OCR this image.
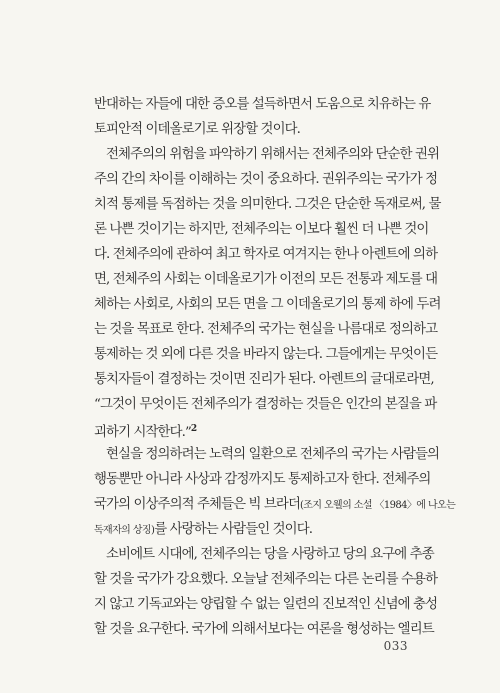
반대하는 자들에 대한 증오를 설득하면서 도움으로 치유하는 유
토피안적 이데올로기로 위장할 것이다.
전체주의의 위험을 파악하기 위해서는 전체주의와 단순한 권위
주의 간의 차이를 이해하는 것이 중요하다. 권위주의는 국가가 정
치적 통제를 독점하는 것을 의미한다. 그것은 단순한 독재로써, 물
론 나쁜 것이기는 하지만, 전체주의는 이보다 훨씬 더 나쁜 것이
다. 전체주의에 관하여 최고 학자로 여겨지는 한나 아렌트에 의하
면, 전체주의 사회는 이데올로기가 이전의 모든 전통과 제도를 대
체하는 사회로, 사회의 모든 면을 그 이데올로기의 통제 하에 두려
는 것을 목표로 한다. 전체주의 국가는 현실을 나름대로 정의하고
통제하는 것 외에 다른 것을 바라지 않는다. 그들에게는 무엇이든
통치자들이 결정하는 것이면 진리가 된다. 아렌트의 글대로라면,
“그것이 무엇이든 전체주의가 결정하는 것들은 인간의 본질을 파
괴하기 시작한다.”$^2$
현실을 정의하려는 노력의 일환으로 전체주의 국가는 사람들의
행동뿐만 아니라 사상과 감정까지도 통제하고자 한다. 전체주의
국가의 이상주의적 주체들은 빅 브라더(조지 오웰의 소설 〈1984〉에 나오는
독재자의 상징)를 사랑하는 사람들인 것이다.
소비에트 시대에, 전체주의는 당을 사랑하고 당의 요구에 추종
할 것을 국가가 강요했다. 오늘날 전체주의는 다른 논리를 수용하
지 않고 기독교와는 양립할 수 없는 일련의 진보적인 신념에 충성
할 것을 요구한다. 국가에 의해서보다는 여론을 형성하는 엘리트
033
